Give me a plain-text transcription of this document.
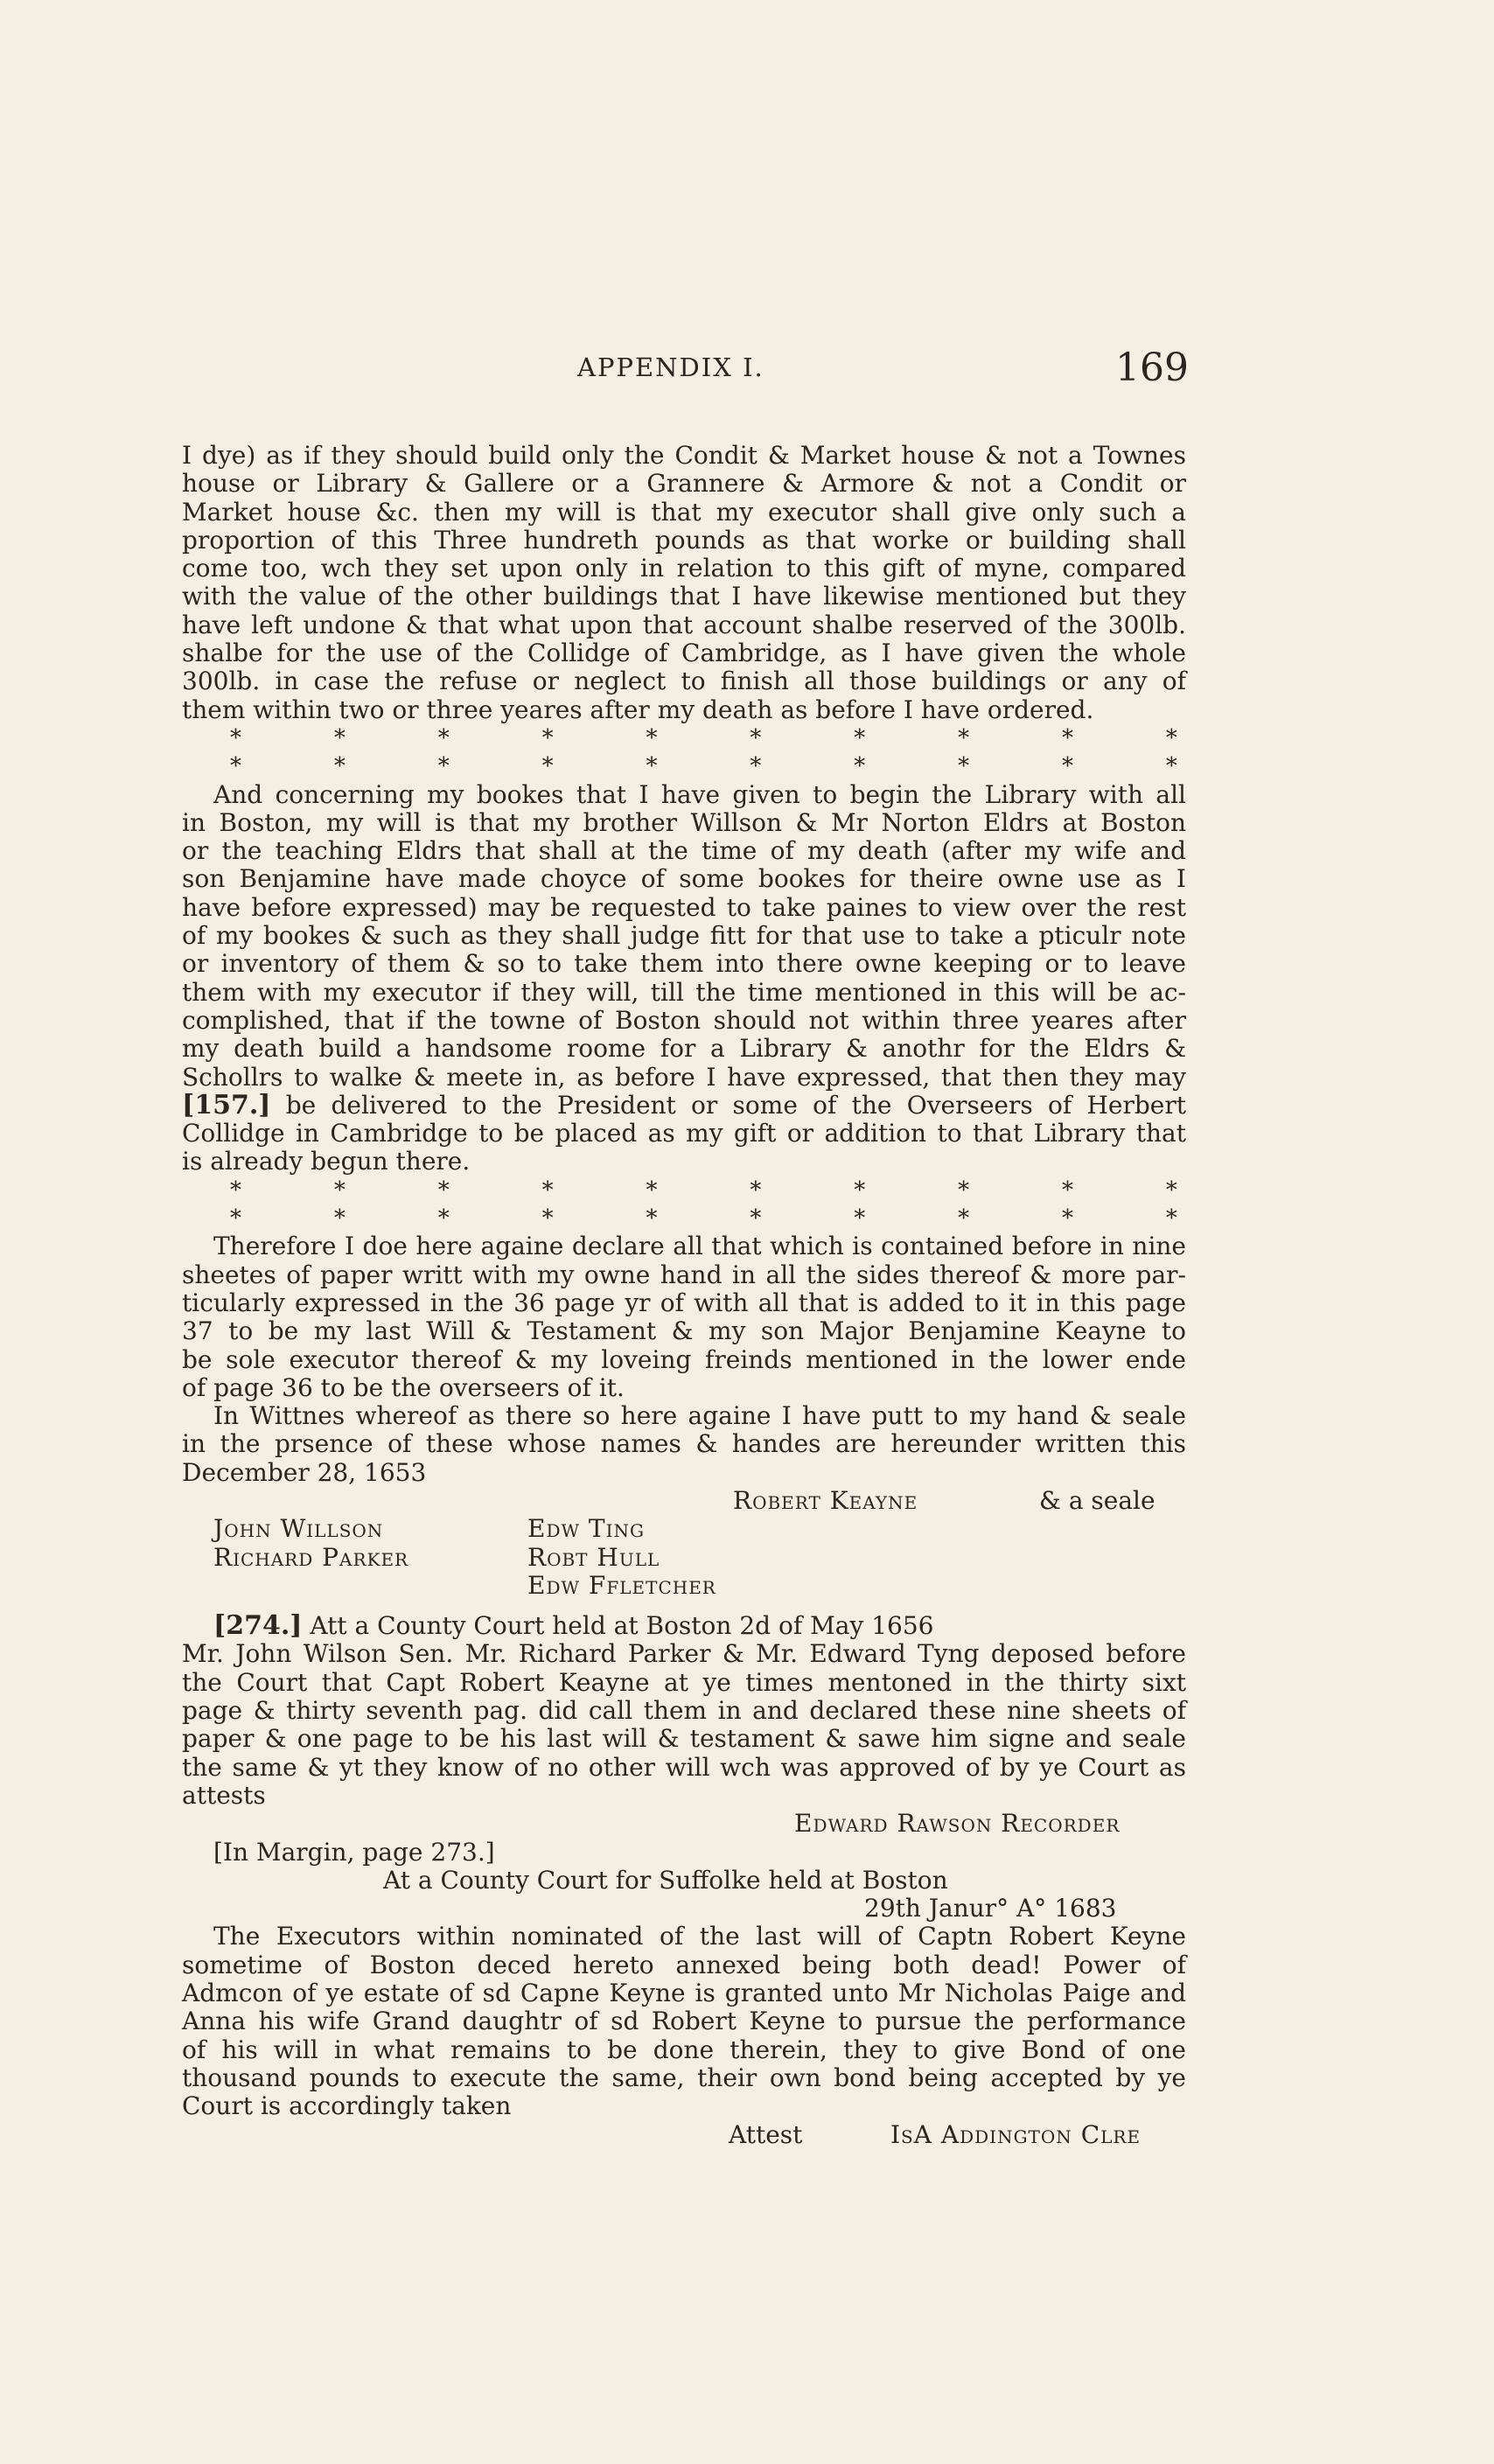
APPENDIX I.	169
I dye) as if they should build only the Condit & Market house & not a Townes
house or Library & Gallere or a Grannere & Armore & not a Condit or
Market house &c. then my will is that my executor shall give only such a
proportion of this Three hundreth pounds as that worke or building shall
come too, wch they set upon only in relation to this gift of myne, compared
with the value of the other buildings that I have likewise mentioned but they
have left undone & that what upon that account shalbe reserved of the 300lb.
shalbe for the use of the Collidge of Cambridge, as I have given the whole
300lb. in case the refuse or neglect to finish all those buildings or any of
them within two or three yeares after my death as before I have ordered.
*	*	*	*	*	*	*	*	*	*
*	*	*	*	*	*	*	*	*	*
And concerning my bookes that I have given to begin the Library with all
in Boston, my will is that my brother Willson & Mr Norton Eldrs at Boston
or the teaching Eldrs that shall at the time of my death (after my wife and
son Benjamine have made choyce of some bookes for theire owne use as I
have before expressed) may be requested to take paines to view over the rest
of my bookes & such as they shall judge fitt for that use to take a pticulr note
or inventory of them & so to take them into there owne keeping or to leave
them with my executor if they will, till the time mentioned in this will be ac-
complished, that if the towne of Boston should not within three yeares after
my death build a handsome roome for a Library & anothr for the Eldrs &
Schollrs to walke & meete in, as before I have expressed, that then they may
[157.] be delivered to the President or some of the Overseers of Herbert
Collidge in Cambridge to be placed as my gift or addition to that Library that
is already begun there.
*	*	*	*	*	*	*	*	*	*
*	*	*	*	*	*	*	*	*	*
Therefore I doe here againe declare all that which is contained before in nine
sheetes of paper writt with my owne hand in all the sides thereof & more par-
ticularly expressed in the 36 page yr of with all that is added to it in this page
37 to be my last Will & Testament & my son Major Benjamine Keayne to
be sole executor thereof & my loveing freinds mentioned in the lower ende
of page 36 to be the overseers of it.
In Wittnes whereof as there so here againe I have putt to my hand & seale
in the prsence of these whose names & handes are hereunder written this
December 28, 1653
Robert Keayne	& a seale
John Willson	Edw Ting
Richard Parker	Robt Hull
Edw Ffletcher
[274.] Att a County Court held at Boston 2d of May 1656
Mr. John Wilson Sen. Mr. Richard Parker & Mr. Edward Tyng deposed before
the Court that Capt Robert Keayne at ye times mentoned in the thirty sixt
page & thirty seventh pag. did call them in and declared these nine sheets of
paper & one page to be his last will & testament & sawe him signe and seale
the same & yt they know of no other will wch was approved of by ye Court as
attests
Edward Rawson Recorder
[In Margin, page 273.]
At a County Court for Suffolke held at Boston
29th Janur° A° 1683
The Executors within nominated of the last will of Captn Robert Keyne
sometime of Boston deced hereto annexed being both dead! Power of
Admcon of ye estate of sd Capne Keyne is granted unto Mr Nicholas Paige and
Anna his wife Grand daughtr of sd Robert Keyne to pursue the performance
of his will in what remains to be done therein, they to give Bond of one
thousand pounds to execute the same, their own bond being accepted by ye
Court is accordingly taken
Attest	IsA Addington Clre
